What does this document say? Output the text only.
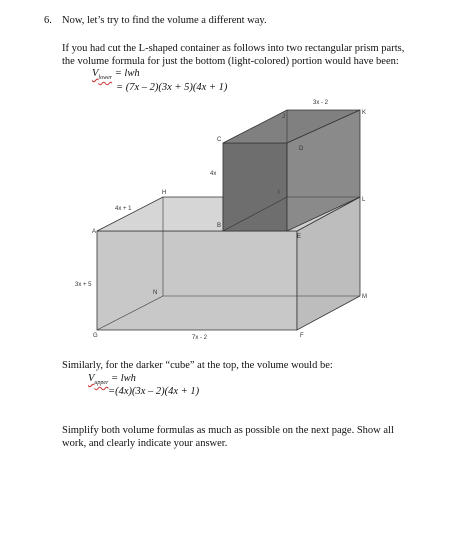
6. Now, let’s try to find the volume a different way.
If you had cut the L-shaped container as follows into two rectangular prism parts,
the volume formula for just the bottom (light-colored) portion would have been:
$V_{lower}$ = lwh
= (7x – 2)(3x + 5)(4x + 1)
A
B
C
D
E
F
G
H	I
J
K
L
M
N
3x - 2
4x
4x + 1
3x + 5
7x - 2
Similarly, for the darker “cube” at the top, the volume would be:
$V_{upper}$ = lwh
=(4x)(3x – 2)(4x + 1)
Simplify both volume formulas as much as possible on the next page. Show all
work, and clearly indicate your answer.
